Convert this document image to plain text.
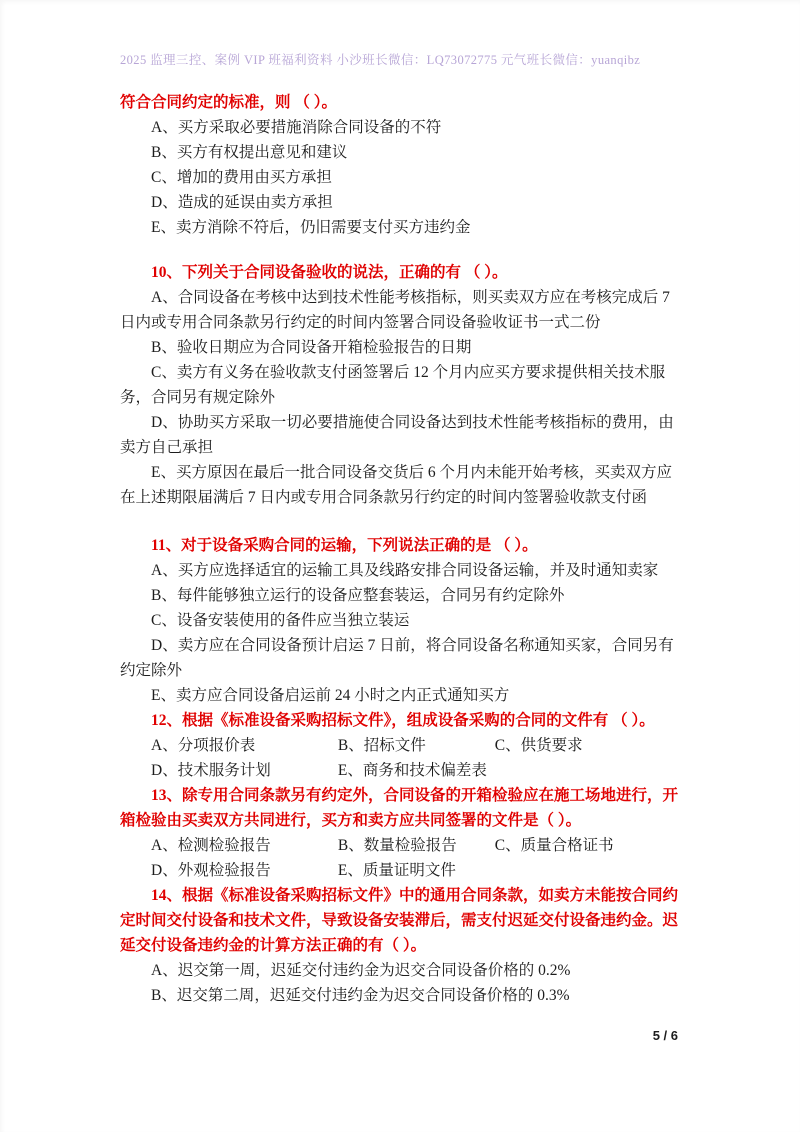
2025 监理三控、案例 VIP 班福利资料 小沙班长微信：LQ73072775 元气班长微信：yuanqibz

符合合同约定的标准，则 （ ）。

A、买方采取必要措施消除合同设备的不符

B、买方有权提出意见和建议

C、增加的费用由买方承担

D、造成的延误由卖方承担

E、卖方消除不符后，仍旧需要支付买方违约金

10、下列关于合同设备验收的说法，正确的有 （ ）。

A、合同设备在考核中达到技术性能考核指标，则买卖双方应在考核完成后 7 日内或专用合同条款另行约定的时间内签署合同设备验收证书一式二份

B、验收日期应为合同设备开箱检验报告的日期

C、卖方有义务在验收款支付函签署后 12 个月内应买方要求提供相关技术服务，合同另有规定除外

D、协助买方采取一切必要措施使合同设备达到技术性能考核指标的费用，由卖方自己承担

E、买方原因在最后一批合同设备交货后 6 个月内未能开始考核，买卖双方应在上述期限届满后 7 日内或专用合同条款另行约定的时间内签署验收款支付函

11、对于设备采购合同的运输，下列说法正确的是 （ ）。

A、买方应选择适宜的运输工具及线路安排合同设备运输，并及时通知卖家

B、每件能够独立运行的设备应整套装运，合同另有约定除外

C、设备安装使用的备件应当独立装运

D、卖方应在合同设备预计启运 7 日前，将合同设备名称通知买家，合同另有约定除外

E、卖方应合同设备启运前 24 小时之内正式通知买方

12、根据《标准设备采购招标文件》，组成设备采购的合同的文件有 （ ）。

A、分项报价表	B、招标文件	C、供货要求

D、技术服务计划	E、商务和技术偏差表

13、除专用合同条款另有约定外，合同设备的开箱检验应在施工场地进行，开箱检验由买卖双方共同进行，买方和卖方应共同签署的文件是（ ）。

A、检测检验报告	B、数量检验报告 C、质量合格证书

D、外观检验报告	E、质量证明文件

14、根据《标准设备采购招标文件》中的通用合同条款，如卖方未能按合同约定时间交付设备和技术文件，导致设备安装滞后，需支付迟延交付设备违约金。迟延交付设备违约金的计算方法正确的有（ ）。

A、迟交第一周，迟延交付违约金为迟交合同设备价格的 0.2%

B、迟交第二周，迟延交付违约金为迟交合同设备价格的 0.3%

5 / 6
